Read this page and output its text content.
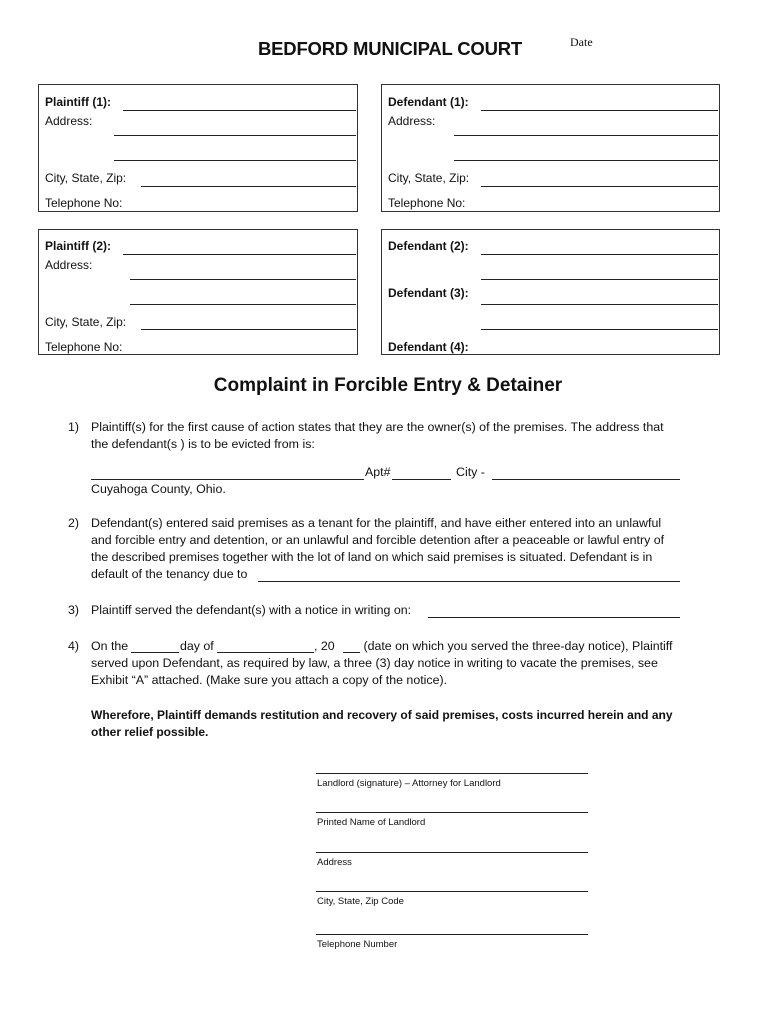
BEDFORD MUNICIPAL COURT	Date
Plaintiff (1):
Address:
City, State, Zip:
Telephone No:
Defendant (1):
Address:
City, State, Zip:
Telephone No:
Plaintiff (2):
Address:
City, State, Zip:
Telephone No:
Defendant (2):
Defendant (3):
Defendant (4):
Complaint in Forcible Entry & Detainer
1) Plaintiff(s) for the first cause of action states that they are the owner(s) of the premises. The address that
the defendant(s ) is to be evicted from is:
Apt#	City -
Cuyahoga County, Ohio.
2) Defendant(s) entered said premises as a tenant for the plaintiff, and have either entered into an unlawful
and forcible entry and detention, or an unlawful and forcible detention after a peaceable or lawful entry of
the described premises together with the lot of land on which said premises is situated. Defendant is in
default of the tenancy due to
3) Plaintiff served the defendant(s) with a notice in writing on:
4) On the	day of	, 20 (date on which you served the three-day notice), Plaintiff
served upon Defendant, as required by law, a three (3) day notice in writing to vacate the premises, see
Exhibit “A” attached. (Make sure you attach a copy of the notice).
Wherefore, Plaintiff demands restitution and recovery of said premises, costs incurred herein and any
other relief possible.
Landlord (signature) – Attorney for Landlord
Printed Name of Landlord
Address
City, State, Zip Code
Telephone Number
